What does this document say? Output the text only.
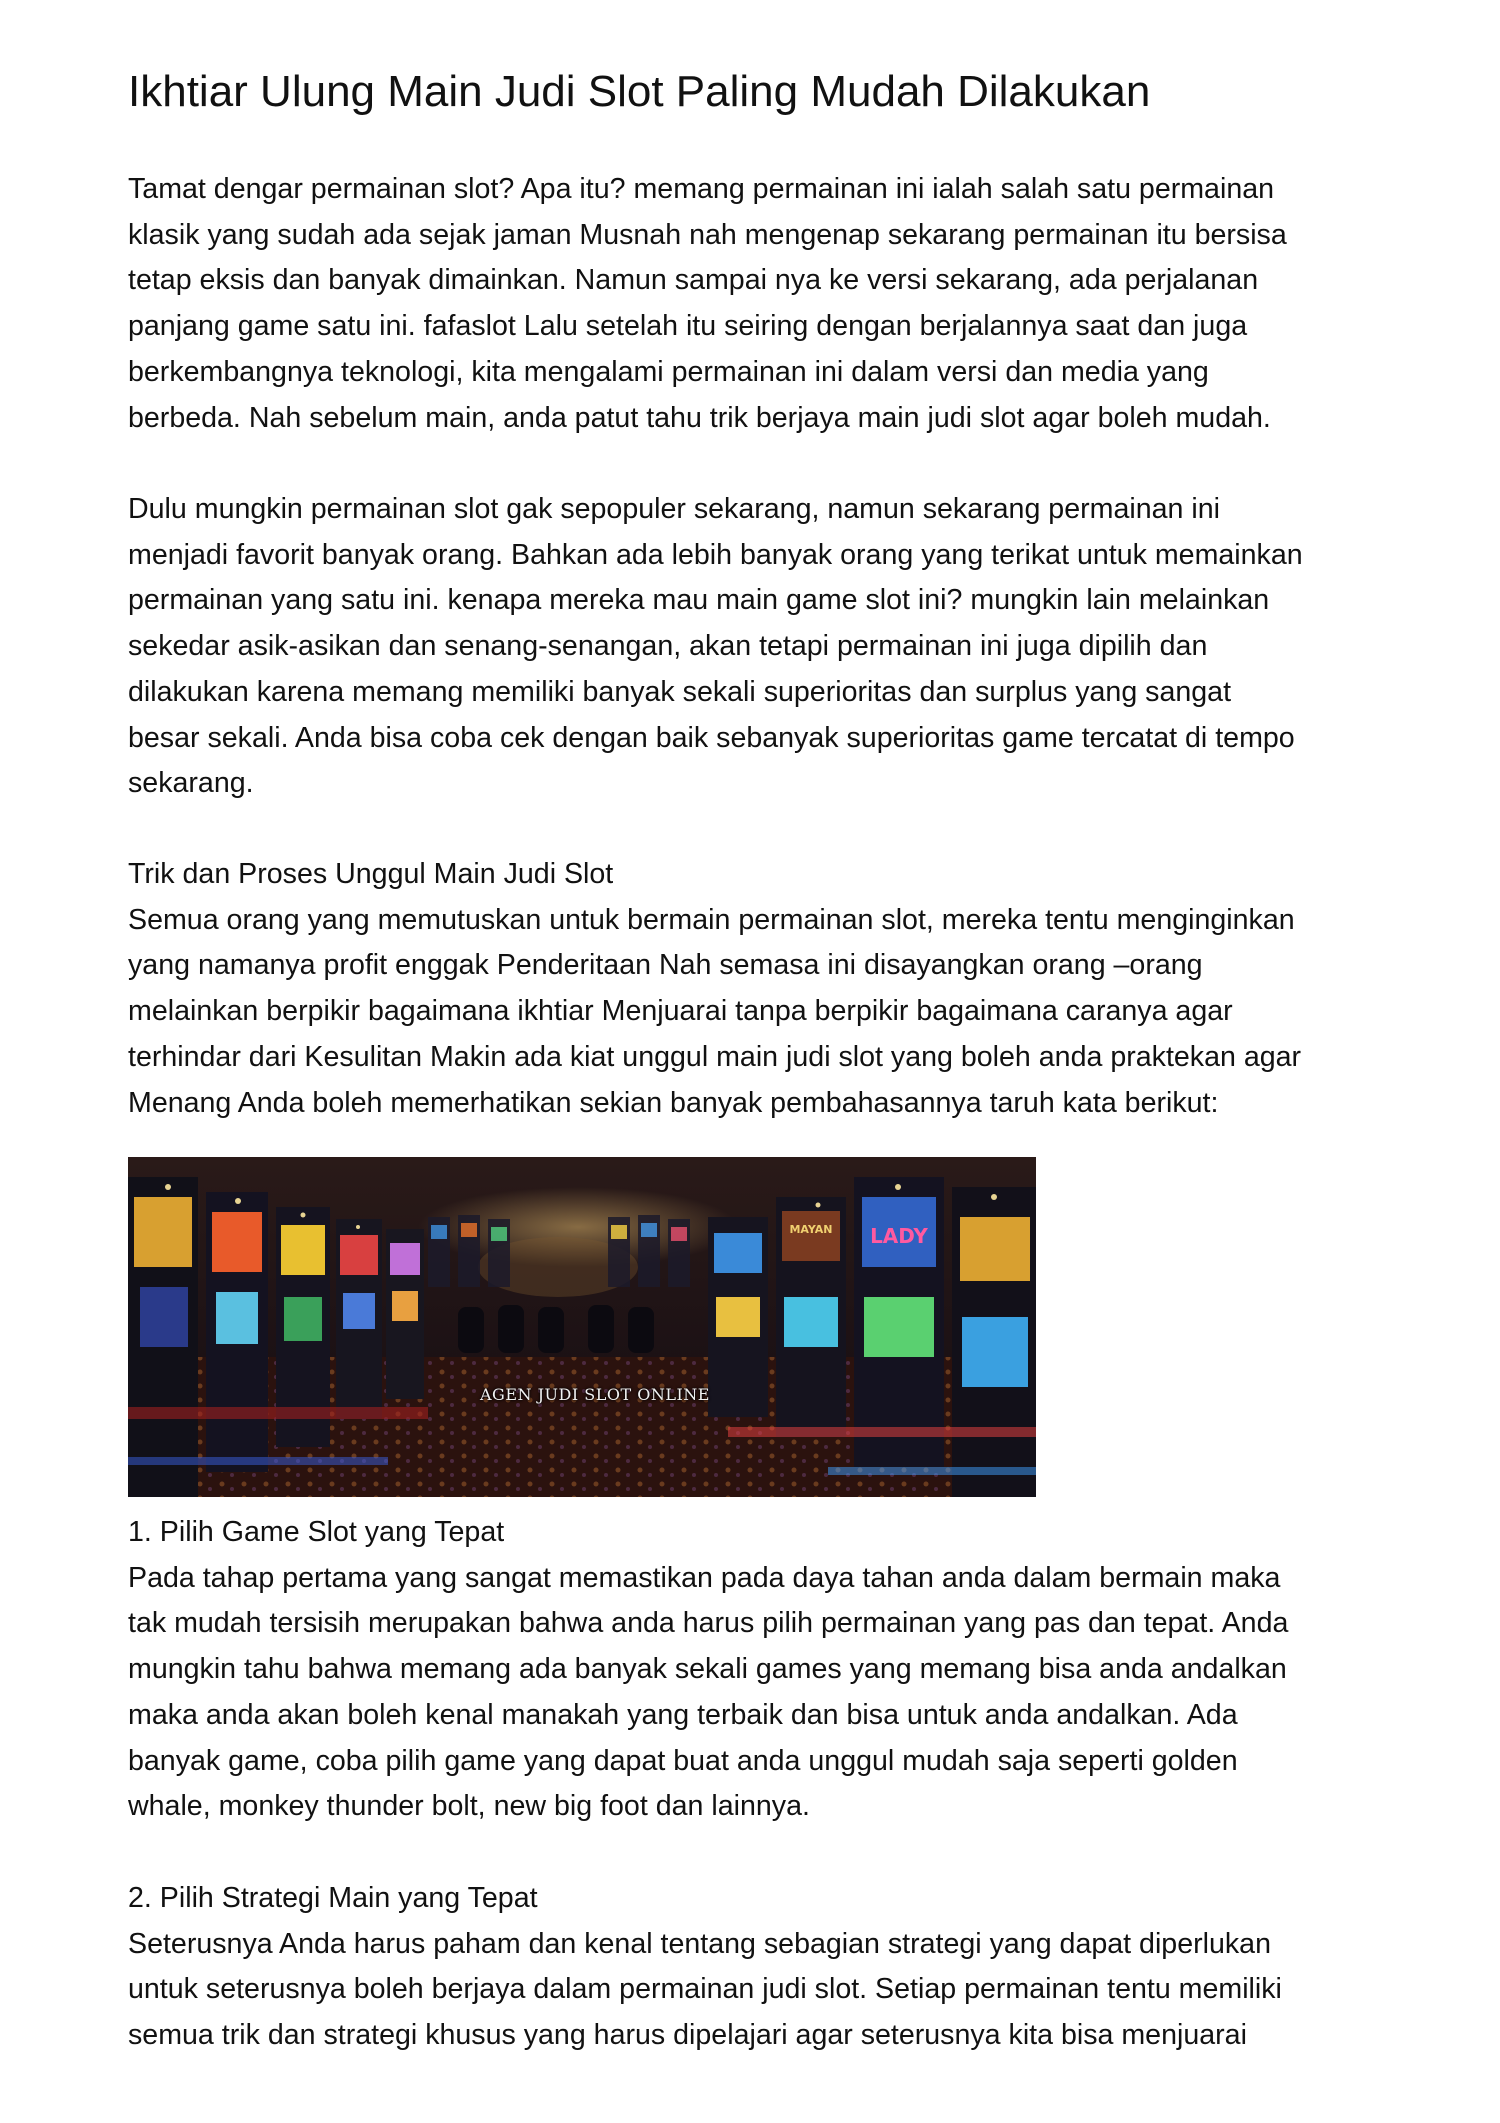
Ikhtiar Ulung Main Judi Slot Paling Mudah Dilakukan
Tamat dengar permainan slot? Apa itu? memang permainan ini ialah salah satu permainan
klasik yang sudah ada sejak jaman Musnah nah mengenap sekarang permainan itu bersisa
tetap eksis dan banyak dimainkan. Namun sampai nya ke versi sekarang, ada perjalanan
panjang game satu ini. fafaslot Lalu setelah itu seiring dengan berjalannya saat dan juga
berkembangnya teknologi, kita mengalami permainan ini dalam versi dan media yang
berbeda. Nah sebelum main, anda patut tahu trik berjaya main judi slot agar boleh mudah.
Dulu mungkin permainan slot gak sepopuler sekarang, namun sekarang permainan ini
menjadi favorit banyak orang. Bahkan ada lebih banyak orang yang terikat untuk memainkan
permainan yang satu ini. kenapa mereka mau main game slot ini? mungkin lain melainkan
sekedar asik-asikan dan senang-senangan, akan tetapi permainan ini juga dipilih dan
dilakukan karena memang memiliki banyak sekali superioritas dan surplus yang sangat
besar sekali. Anda bisa coba cek dengan baik sebanyak superioritas game tercatat di tempo
sekarang.
Trik dan Proses Unggul Main Judi Slot
Semua orang yang memutuskan untuk bermain permainan slot, mereka tentu menginginkan
yang namanya profit enggak Penderitaan Nah semasa ini disayangkan orang –orang
melainkan berpikir bagaimana ikhtiar Menjuarai tanpa berpikir bagaimana caranya agar
terhindar dari Kesulitan Makin ada kiat unggul main judi slot yang boleh anda praktekan agar
Menang Anda boleh memerhatikan sekian banyak pembahasannya taruh kata berikut:
MAYAN LADY
AGEN JUDI SLOT ONLINE
1. Pilih Game Slot yang Tepat
Pada tahap pertama yang sangat memastikan pada daya tahan anda dalam bermain maka
tak mudah tersisih merupakan bahwa anda harus pilih permainan yang pas dan tepat. Anda
mungkin tahu bahwa memang ada banyak sekali games yang memang bisa anda andalkan
maka anda akan boleh kenal manakah yang terbaik dan bisa untuk anda andalkan. Ada
banyak game, coba pilih game yang dapat buat anda unggul mudah saja seperti golden
whale, monkey thunder bolt, new big foot dan lainnya.
2. Pilih Strategi Main yang Tepat
Seterusnya Anda harus paham dan kenal tentang sebagian strategi yang dapat diperlukan
untuk seterusnya boleh berjaya dalam permainan judi slot. Setiap permainan tentu memiliki
semua trik dan strategi khusus yang harus dipelajari agar seterusnya kita bisa menjuarai
